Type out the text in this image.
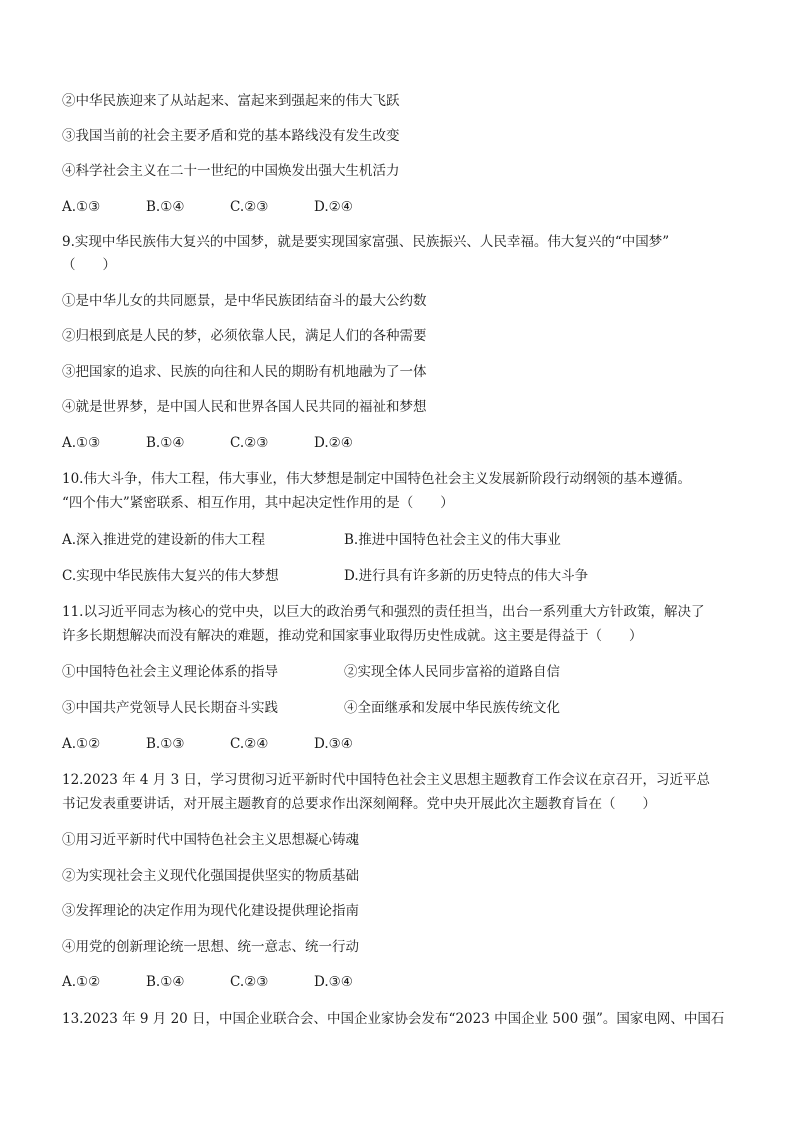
②中华民族迎来了从站起来、富起来到强起来的伟大飞跃
③我国当前的社会主要矛盾和党的基本路线没有发生改变
④科学社会主义在二十一世纪的中国焕发出强大生机活力
A.①③	B.①④	C.②③	D.②④
9.实现中华民族伟大复兴的中国梦，就是要实现国家富强、民族振兴、人民幸福。伟大复兴的“中国梦”
（　　）
①是中华儿女的共同愿景，是中华民族团结奋斗的最大公约数
②归根到底是人民的梦，必须依靠人民，满足人们的各种需要
③把国家的追求、民族的向往和人民的期盼有机地融为了一体
④就是世界梦，是中国人民和世界各国人民共同的福祉和梦想
A.①③	B.①④	C.②③	D.②④
10.伟大斗争，伟大工程，伟大事业，伟大梦想是制定中国特色社会主义发展新阶段行动纲领的基本遵循。
“四个伟大”紧密联系、相互作用，其中起决定性作用的是（　　）
A.深入推进党的建设新的伟大工程	B.推进中国特色社会主义的伟大事业
C.实现中华民族伟大复兴的伟大梦想	D.进行具有许多新的历史特点的伟大斗争
11.以习近平同志为核心的党中央，以巨大的政治勇气和强烈的责任担当，出台一系列重大方针政策，解决了
许多长期想解决而没有解决的难题，推动党和国家事业取得历史性成就。这主要是得益于（　　）
①中国特色社会主义理论体系的指导	②实现全体人民同步富裕的道路自信
③中国共产党领导人民长期奋斗实践	④全面继承和发展中华民族传统文化
A.①②	B.①③	C.②④	D.③④
12.2023 年 4 月 3 日，学习贯彻习近平新时代中国特色社会主义思想主题教育工作会议在京召开，习近平总
书记发表重要讲话，对开展主题教育的总要求作出深刻阐释。党中央开展此次主题教育旨在（　　）
①用习近平新时代中国特色社会主义思想凝心铸魂
②为实现社会主义现代化强国提供坚实的物质基础
③发挥理论的决定作用为现代化建设提供理论指南
④用党的创新理论统一思想、统一意志、统一行动
A.①②	B.①④	C.②③	D.③④
13.2023 年 9 月 20 日，中国企业联合会、中国企业家协会发布“2023 中国企业 500 强”。国家电网、中国石
